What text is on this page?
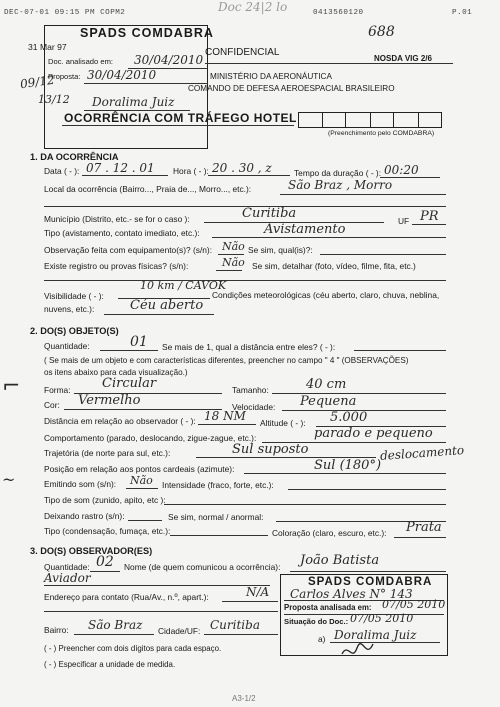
DEC-07-01 09:15 PM COPM2	0413560120	P.01
Doc 24|2 lo
688
SPADS COMDABRA
31 Mar 97
Doc. analisado em: 30/04/2010
Proposta: 30/04/2010
09/12
13/12 Doralima Juiz
CONFIDENCIAL
NOSDA VIG 2/6
MINISTÉRIO DA AERONÁUTICA
COMANDO DE DEFESA AEROESPACIAL BRASILEIRO
OCORRÊNCIA COM TRÁFEGO HOTEL
(Preenchimento pelo COMDABRA)
1. DA OCORRÊNCIA
Data ( - ): 07 . 12 . 01 Hora ( - ): 20 . 30 , z	Tempo da duração ( - ): 00:20
Local da ocorrência (Bairro..., Praia de..., Morro..., etc.):	São Braz , Morro
Município (Distrito, etc.- se for o caso ):	Curitiba	UF PR
Tipo (avistamento, contato imediato, etc.):	Avistamento
Observação feita com equipamento(s)? (s/n): Não Se sim, qual(is)?:
Existe registro ou provas físicas? (s/n):	Não Se sim, detalhar (foto, vídeo, filme, fita, etc.)
Visibilidade ( - ):
10 km / CAVOK
Condições meteorológicas (céu aberto, claro, chuva, neblina,
nuvens, etc.):	Céu aberto
2. DO(S) OBJETO(S)
Quantidade:	01 Se mais de 1, qual a distância entre eles? ( - ):
( Se mais de um objeto e com características diferentes, preencher no campo " 4 " (OBSERVAÇÕES)
os itens abaixo para cada visualização.)
⌐	Forma: Circular	Tamanho:	40 cm
Cor: Vermelho	Velocidade: Pequena
Distância em relação ao observador ( - ): 18 NM Altitude ( - ): 5.000
Comportamento (parado, deslocando, zigue-zague, etc.):	parado e pequeno
Trajetória (de norte para sul, etc.):	Sul suposto	deslocamento
Posição em relação aos pontos cardeais (azimute):	Sul (180°)
~	Emitindo som (s/n): Não Intensidade (fraco, forte, etc.):
Tipo de som (zunido, apito, etc ):
Deixando rastro (s/n):	Se sim, normal / anormal:
Tipo (condensação, fumaça, etc.):	Coloração (claro, escuro, etc.): Prata
3. DO(S) OBSERVADOR(ES)
Quantidade: 02 Nome (de quem comunicou a ocorrência): João Batista
Aviador
Endereço para contato (Rua/Av., n.º, apart.):	N/A
Bairro: São Braz Cidade/UF: Curitiba
( - ) Preencher com dois dígitos para cada espaço.
( - ) Especificar a unidade de medida.
SPADS COMDABRA
Carlos Alves N° 143
Proposta analisada em: 07/05 2010
Situação do Doc.: 07/05 2010
a) Doralima Juiz
A3-1/2
